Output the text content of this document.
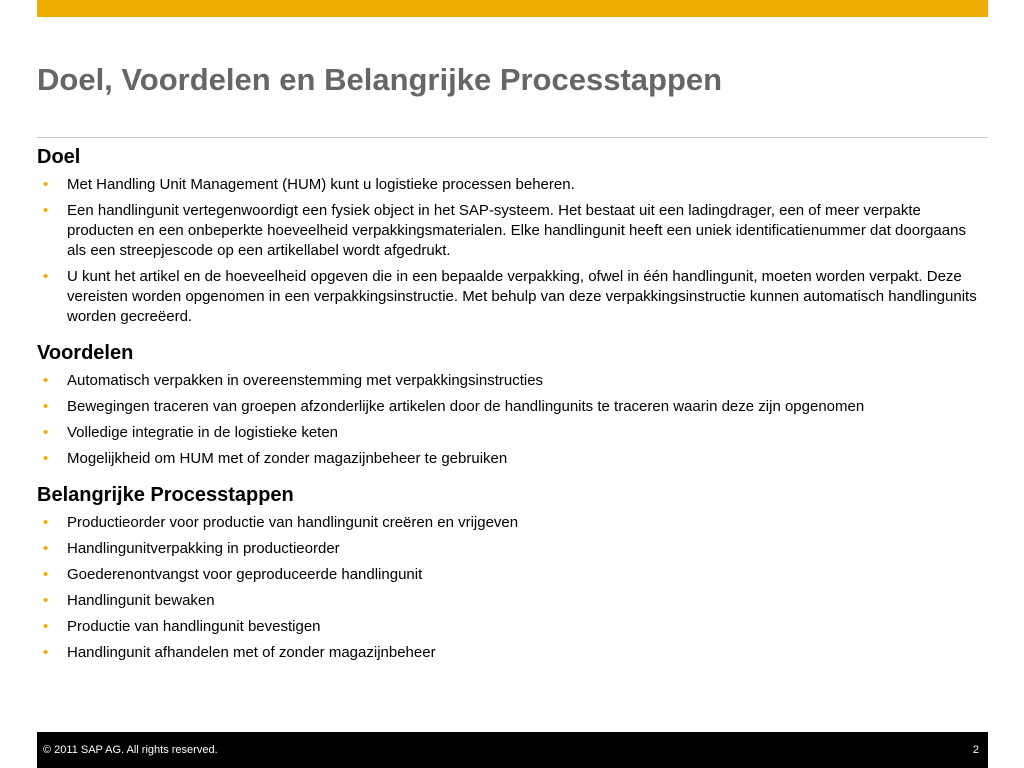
Doel, Voordelen en Belangrijke Processtappen
Doel
• Met Handling Unit Management (HUM) kunt u logistieke processen beheren.
• Een handlingunit vertegenwoordigt een fysiek object in het SAP-systeem. Het bestaat uit een ladingdrager, een of meer verpakte producten en een onbeperkte hoeveelheid verpakkingsmaterialen. Elke handlingunit heeft een uniek identificatienummer dat doorgaans als een streepjescode op een artikellabel wordt afgedrukt.
• U kunt het artikel en de hoeveelheid opgeven die in een bepaalde verpakking, ofwel in één handlingunit, moeten worden verpakt. Deze vereisten worden opgenomen in een verpakkingsinstructie. Met behulp van deze verpakkingsinstructie kunnen automatisch handlingunits worden gecreëerd.
Voordelen
• Automatisch verpakken in overeenstemming met verpakkingsinstructies
• Bewegingen traceren van groepen afzonderlijke artikelen door de handlingunits te traceren waarin deze zijn opgenomen
• Volledige integratie in de logistieke keten
• Mogelijkheid om HUM met of zonder magazijnbeheer te gebruiken
Belangrijke Processtappen
• Productieorder voor productie van handlingunit creëren en vrijgeven
• Handlingunitverpakking in productieorder
• Goederenontvangst voor geproduceerde handlingunit
• Handlingunit bewaken
• Productie van handlingunit bevestigen
• Handlingunit afhandelen met of zonder magazijnbeheer
© 2011 SAP AG. All rights reserved.	2
